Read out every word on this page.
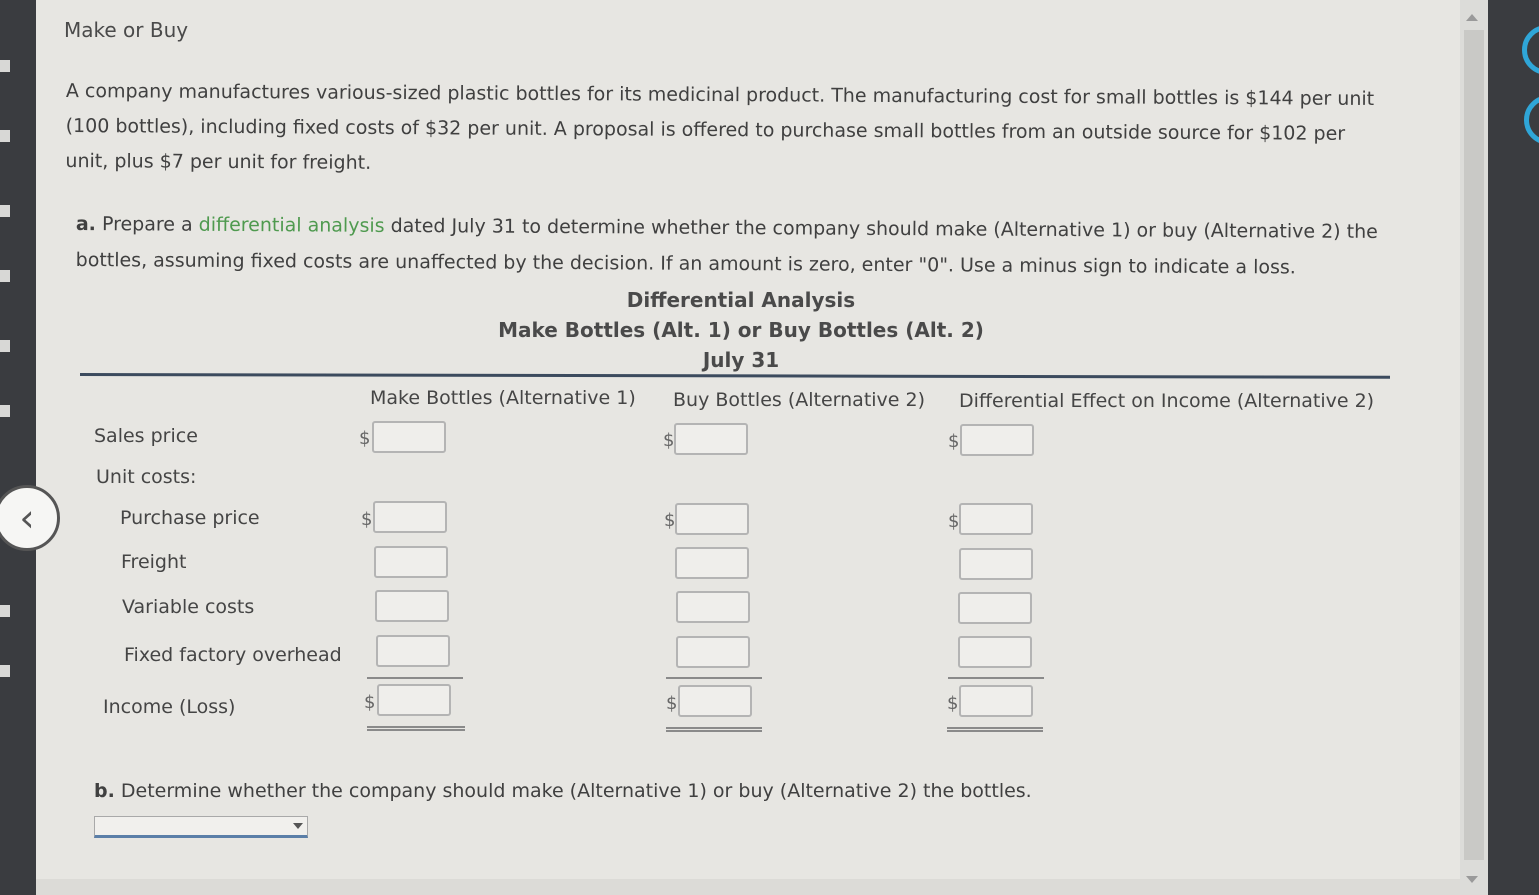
‹
Make or Buy
A company manufactures various-sized plastic bottles for its medicinal product. The manufacturing cost for small bottles is $144 per unit
(100 bottles), including fixed costs of $32 per unit. A proposal is offered to purchase small bottles from an outside source for $102 per
unit, plus $7 per unit for freight.
a. Prepare a differential analysis dated July 31 to determine whether the company should make (Alternative 1) or buy (Alternative 2) the
bottles, assuming fixed costs are unaffected by the decision. If an amount is zero, enter "0". Use a minus sign to indicate a loss.
Differential Analysis
Make Bottles (Alt. 1) or Buy Bottles (Alt. 2)
July 31
Make Bottles (Alternative 1) Buy Bottles (Alternative 2) Differential Effect on Income (Alternative 2)
Sales price
Unit costs:
Purchase price
Freight
Variable costs
Fixed factory overhead
Income (Loss)
$
$
$
$
$
$
$
$
$
b. Determine whether the company should make (Alternative 1) or buy (Alternative 2) the bottles.
